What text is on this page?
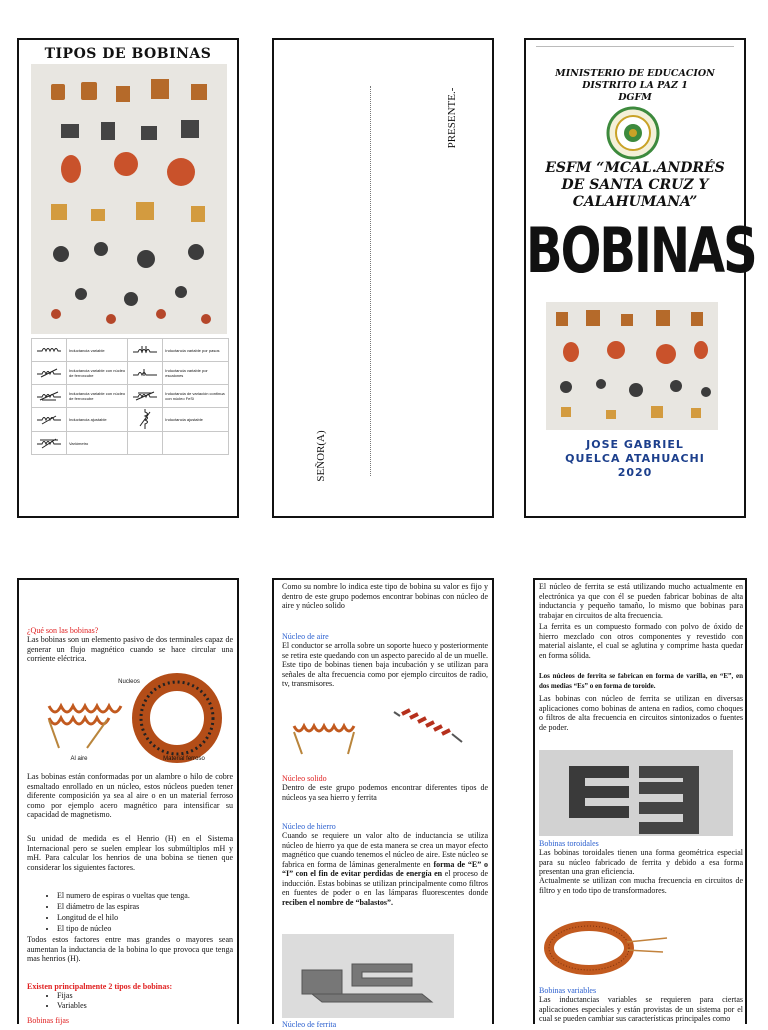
TIPOS DE BOBINAS
	Inductancia variable		Inductancia variable por pasos
	Inductancia variable con núcleo de ferroxcube		Inductancia variable por escalones
	Inductancia variable con núcleo de ferroxcube		Inductancia de variación continua con núcleo FeSi
	Inductancia ajustable		Inductancia ajustable
	Variómetro		
PRESENTE.-
SEÑOR(A)
MINISTERIO DE EDUCACION
DISTRITO LA PAZ 1
DGFM
ESFM “MCAL.ANDRÉS
DE SANTA CRUZ Y
CALAHUMANA”
BOBINAS
JOSE GABRIEL
QUELCA ATAHUACHI
2020
¿Qué son las bobinas?
Las bobinas son un elemento pasivo de dos terminales capaz de generar un flujo magnético cuando se hace circular una corriente eléctrica.
Nucleos
Al aire	Material ferroso
Las bobinas están conformadas por un alambre o hilo de cobre esmaltado enrollado en un núcleo, estos núcleos pueden tener diferente composición ya sea al aire o en un material ferroso como por ejemplo acero magnético para intensificar su capacidad de magnetismo.
Su unidad de medida es el Henrio (H) en el Sistema Internacional pero se suelen emplear los submúltiplos mH y mH. Para calcular los henrios de una bobina se tienen que considerar los siguientes factores.
• El numero de espiras o vueltas que tenga.
• El diámetro de las espiras
• Longitud de el hilo
• El tipo de núcleo
Todos estos factores entre mas grandes o mayores sean aumentan la inductancia de la bobina lo que provoca que tenga mas henrios (H).
Existen principalmente 2 tipos de bobinas:
• Fijas
• Variables
Bobinas fijas
Como su nombre lo indica este tipo de bobina su valor es fijo y dentro de este grupo podemos encontrar bobinas con núcleo de aire y núcleo solido
Núcleo de aire
El conductor se arrolla sobre un soporte hueco y posteriormente se retira este quedando con un aspecto parecido al de un muelle. Este tipo de bobinas tienen baja incubación y se utilizan para señales de alta frecuencia como por ejemplo circuitos de radio, tv, transmisores.
Núcleo solido
Dentro de este grupo podemos encontrar diferentes tipos de núcleos ya sea hierro y ferrita
Núcleo de hierro
Cuando se requiere un valor alto de inductancia se utiliza núcleo de hierro ya que de esta manera se crea un mayor efecto magnético que cuando tenemos el núcleo de aire. Este núcleo se fabrica en forma de láminas generalmente en forma de “E” o “I” con el fin de evitar perdidas de energía en el proceso de inducción. Estas bobinas se utilizan principalmente como filtros en fuentes de poder o en las lámparas fluorescentes donde reciben el nombre de “balastos”.
Núcleo de ferrita
El núcleo de ferrita se está utilizando mucho actualmente en electrónica ya que con él se pueden fabricar bobinas de alta inductancia y pequeño tamaño, lo mismo que bobinas para trabajar en circuitos de alta frecuencia.
La ferrita es un compuesto formado con polvo de óxido de hierro mezclado con otros componentes y revestido con material aislante, el cual se aglutina y comprime hasta quedar en forma sólida.
Los núcleos de ferrita se fabrican en forma de varilla, en “E”, en dos medias “Es” o en forma de toroide.
Las bobinas con núcleo de ferrita se utilizan en diversas aplicaciones como bobinas de antena en radios, como choques o filtros de alta frecuencia en circuitos sintonizados o fuentes de poder.
Bobinas toroidales
Las bobinas toroidales tienen una forma geométrica especial para su núcleo fabricado de ferrita y debido a esa forma presentan una gran eficiencia.
Actualmente se utilizan con mucha frecuencia en circuitos de filtro y en todo tipo de transformadores.
Bobinas variables
Las inductancias variables se requieren para ciertas aplicaciones especiales y están provistas de un sistema por el cual se pueden cambiar sus características principales como
